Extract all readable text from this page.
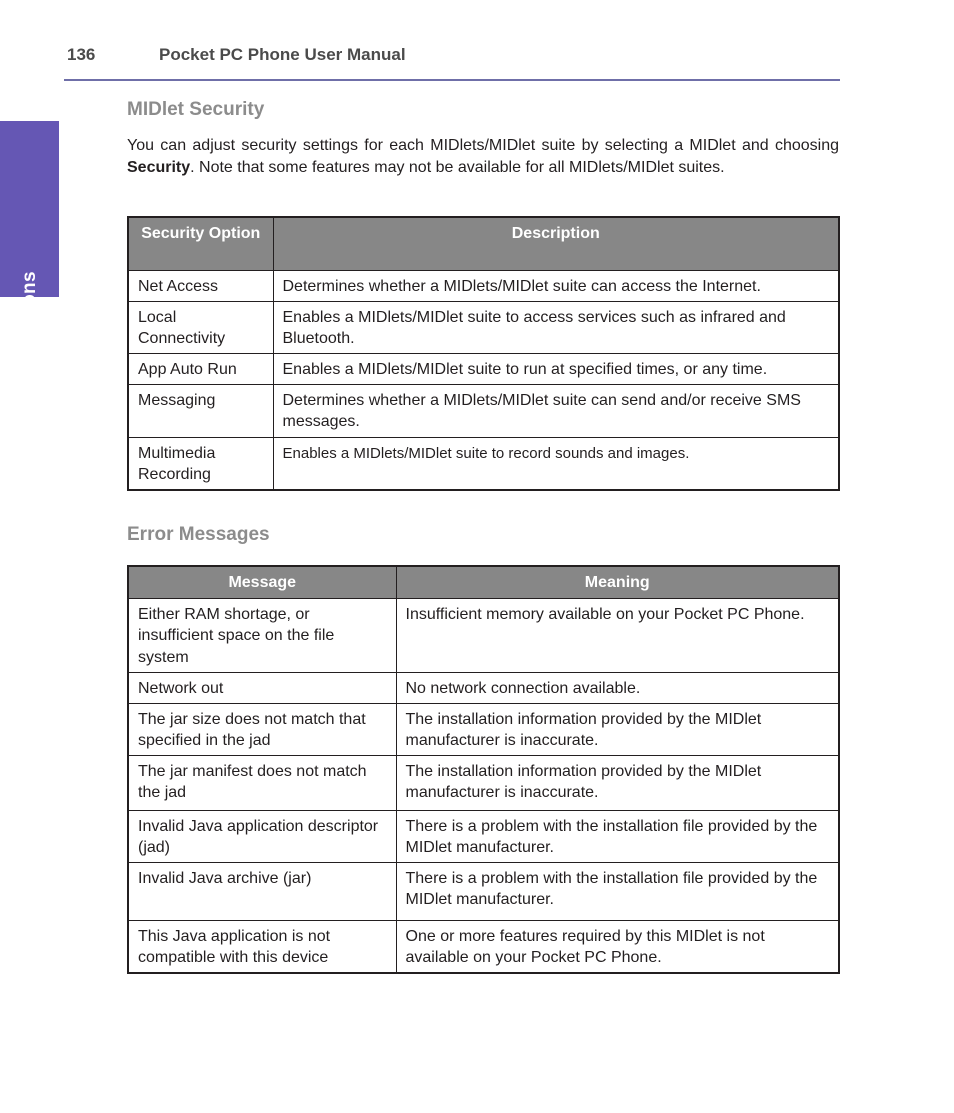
136	Pocket PC Phone User Manual
Applications
MIDlet Security

You can adjust security settings for each MIDlets/MIDlet suite by selecting a MIDlet and choosing Security. Note that some features may not be available for all MIDlets/MIDlet suites.

Security Option	Description
Net Access	Determines whether a MIDlets/MIDlet suite can access the Internet.
Local Connectivity	Enables a MIDlets/MIDlet suite to access services such as infrared and Bluetooth.
App Auto Run	Enables a MIDlets/MIDlet suite to run at specified times, or any time.
Messaging	Determines whether a MIDlets/MIDlet suite can send and/or receive SMS messages.
Multimedia Recording	Enables a MIDlets/MIDlet suite to record sounds and images.
Error Messages
Message	Meaning
Either RAM shortage, or insufficient space on the file system	Insufficient memory available on your Pocket PC Phone.
Network out	No network connection available.
The jar size does not match that specified in the jad	The installation information provided by the MIDlet manufacturer is inaccurate.
The jar manifest does not match the jad	The installation information provided by the MIDlet manufacturer is inaccurate.
Invalid Java application descriptor (jad)	There is a problem with the installation file provided by the MIDlet manufacturer.
Invalid Java archive (jar)	There is a problem with the installation file provided by the MIDlet manufacturer.
This Java application is not compatible with this device	One or more features required by this MIDlet is not available on your Pocket PC Phone.
